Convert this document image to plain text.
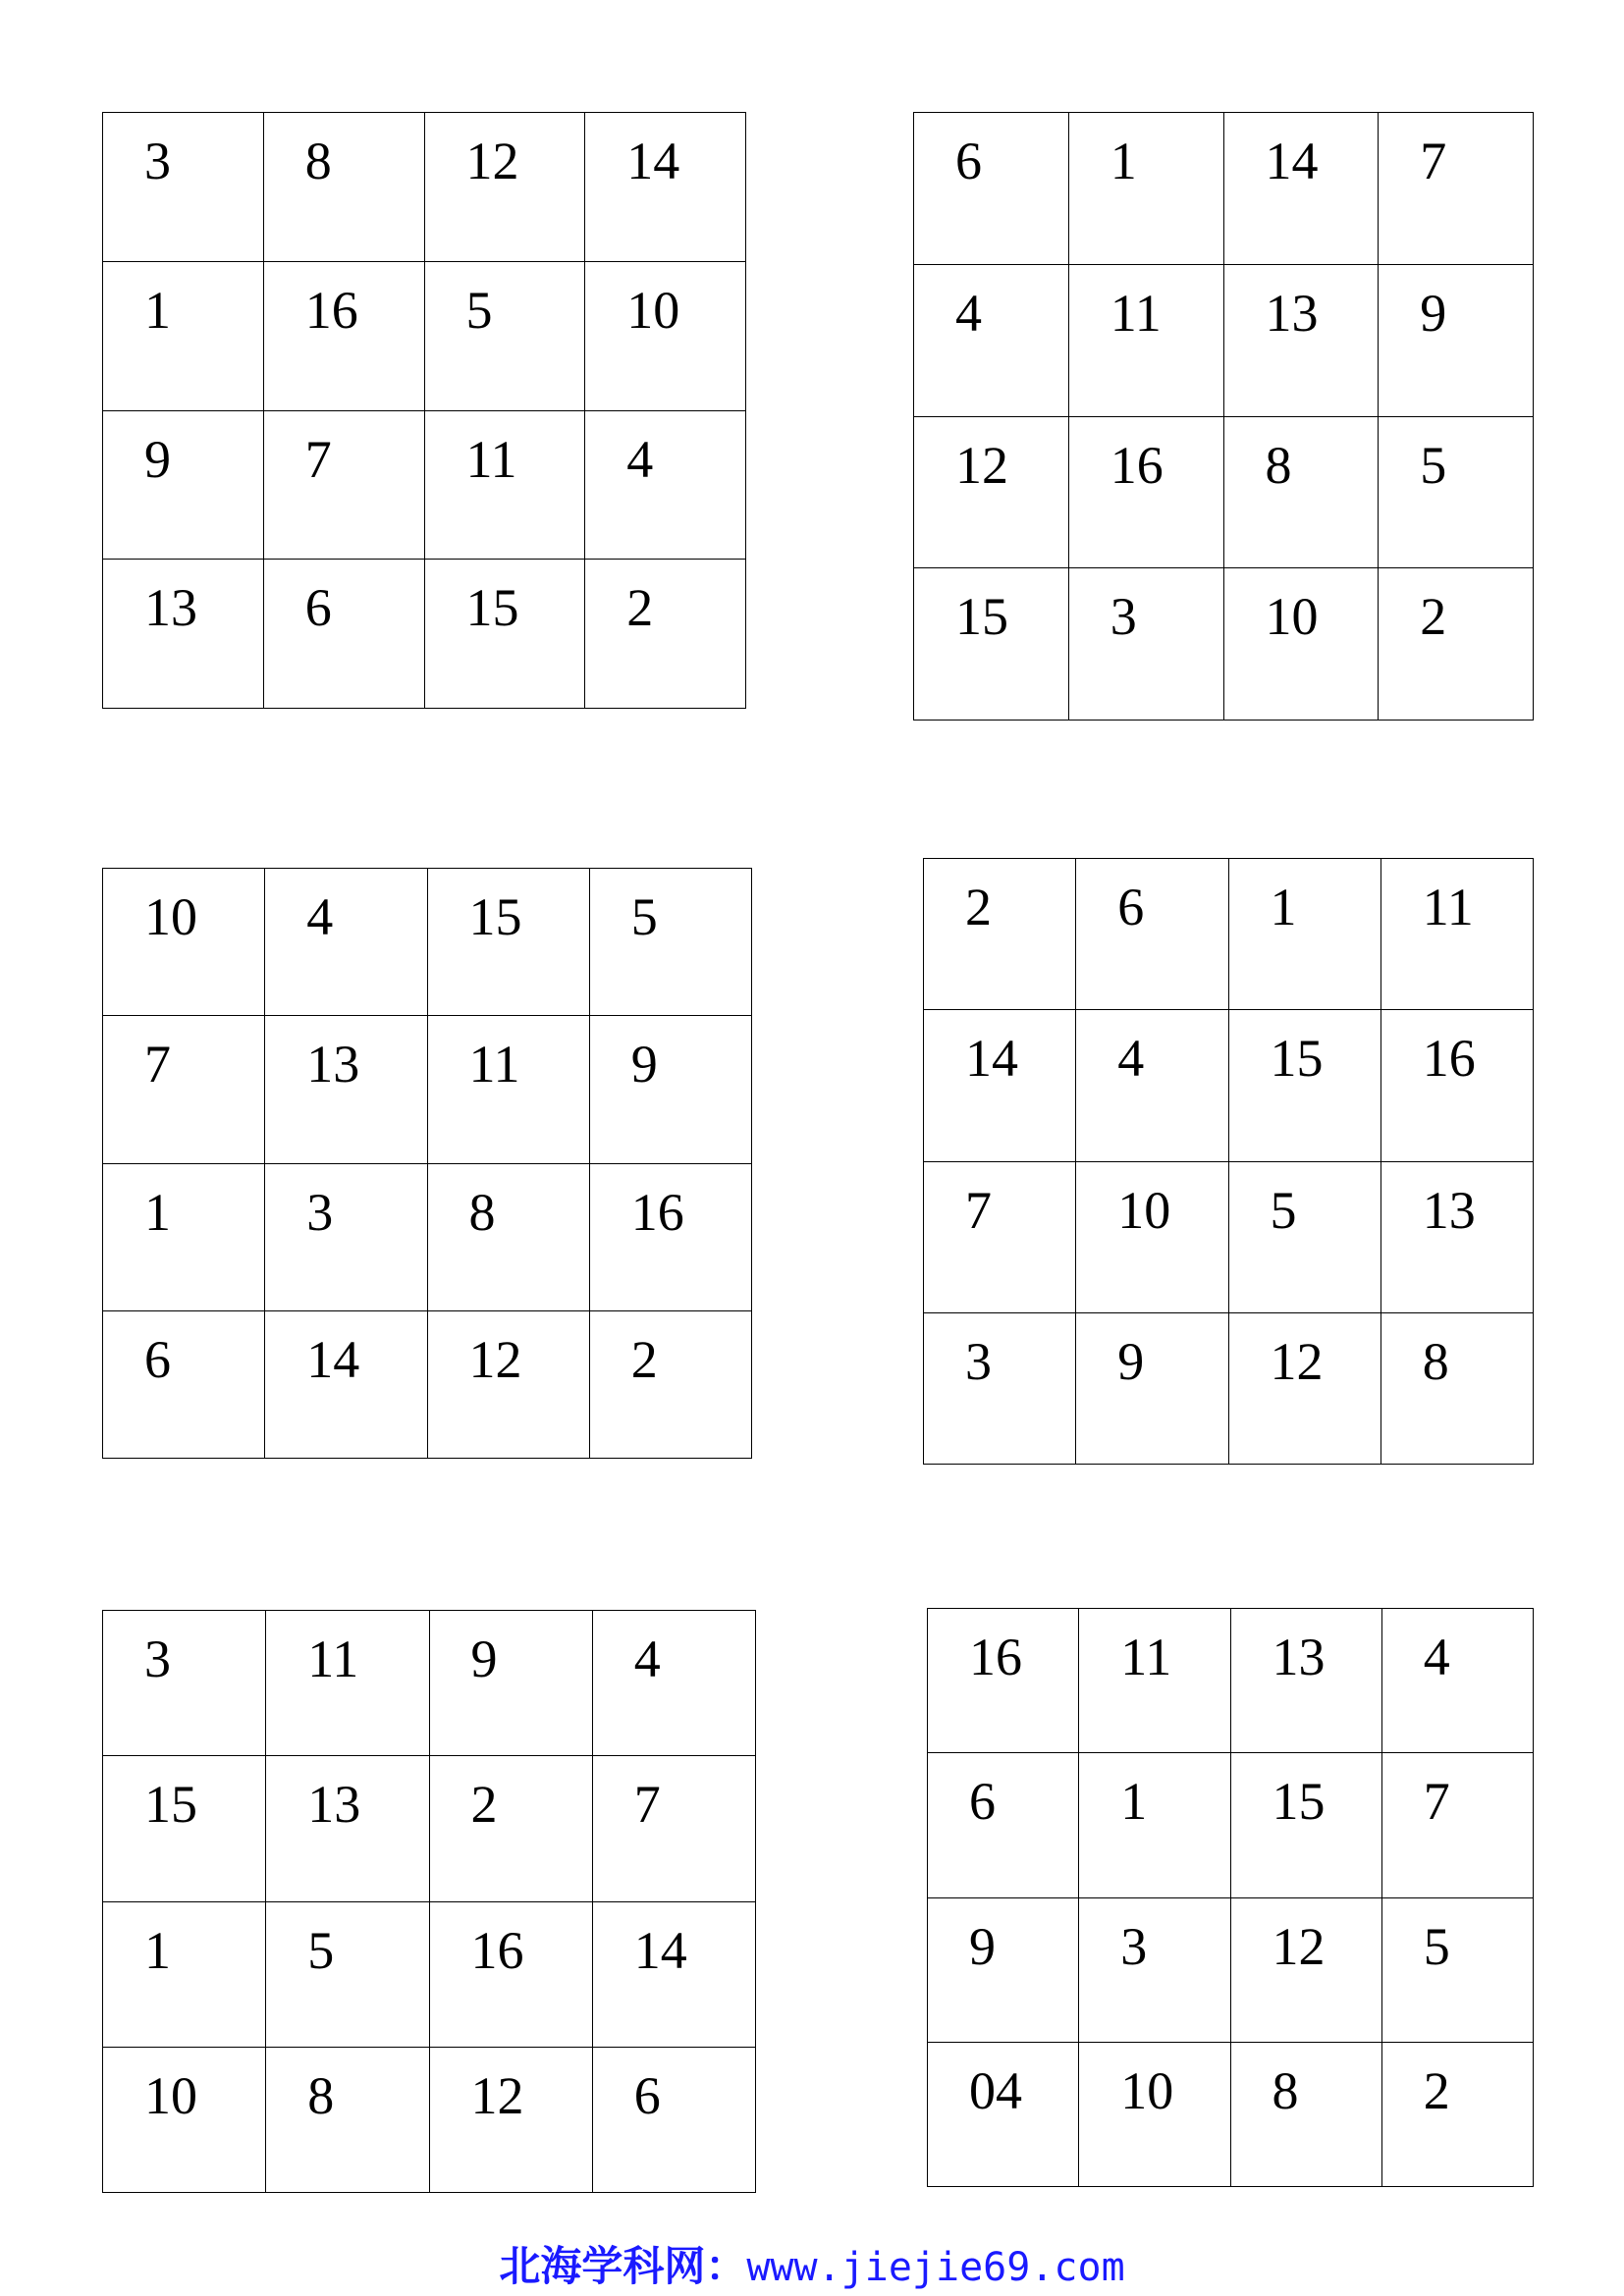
3	8	12	14

1	16	5	10

9	7	11	4

13	6	15	2
6	1	14	7

4	11	13	9

12	16	8	5

15	3	10	2
10	4	15	5

7	13	11	9

1	3	8	16

6	14	12	2
2	6	1	11

14	4	15	16

7	10	5	13

3	9	12	8
3	11	9	4

15	13	2	7

1	5	16	14

10	8	12	6
16	11	13	4

6	1	15	7

9	3	12	5

04	10	8	2
北海学科网：www.jiejie69.com
